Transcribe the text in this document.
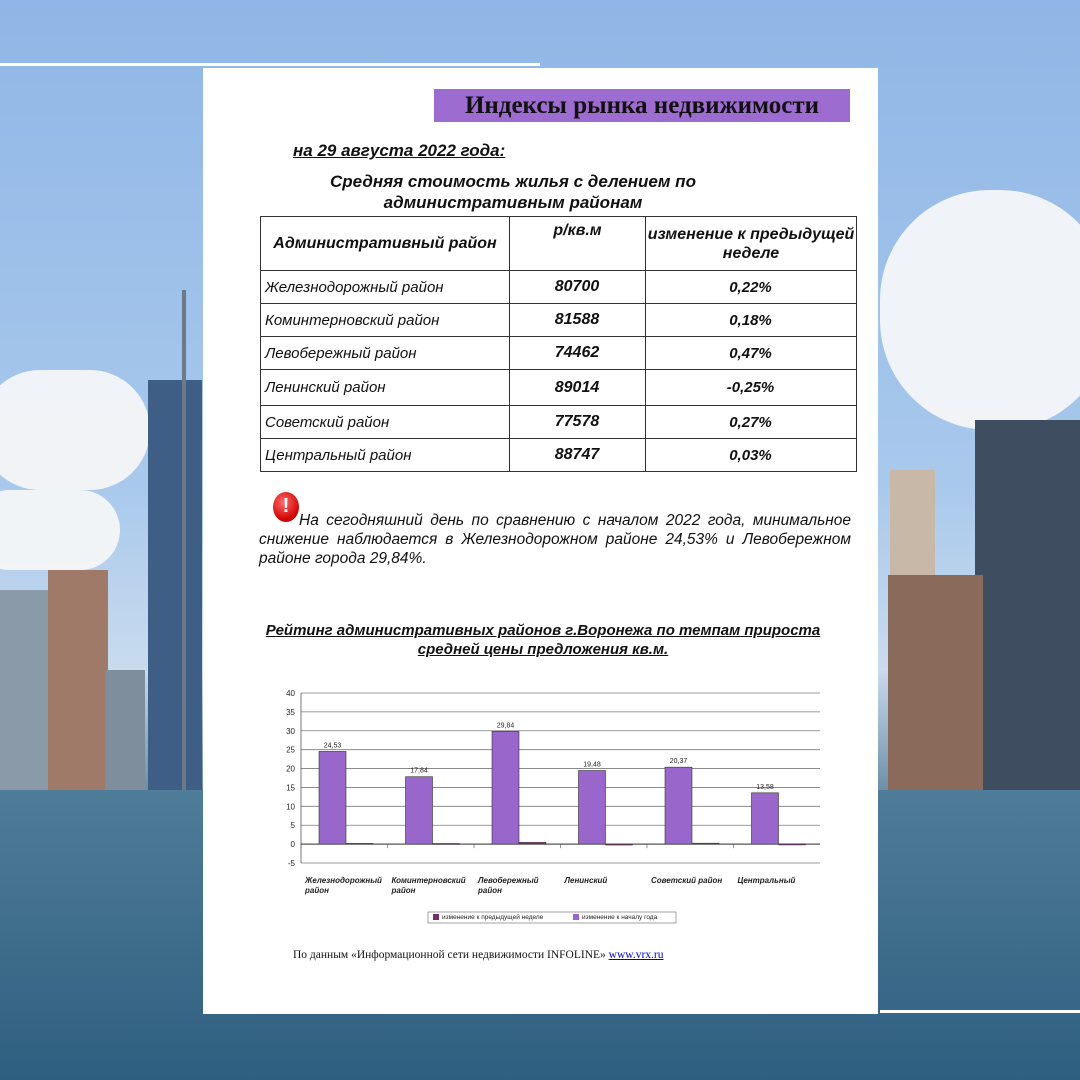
Индексы рынка недвижимости
на 29 августа 2022 года:
Средняя стоимость жилья с делением по административным районам
Административный район	р/кв.м	изменение к предыдущей неделе
Железнодорожный район	80700	0,22%
Коминтерновский район	81588	0,18%
Левобережный район	74462	0,47%
Ленинский район	89014	-0,25%
Советский район	77578	0,27%
Центральный район	88747	0,03%
!
На сегодняшний день по сравнению с началом 2022 года, минимальное снижение наблюдается в Железнодорожном районе 24,53% и Левобережном районе города 29,84%.
Рейтинг административных районов г.Воронежа по темпам прироста средней цены предложения кв.м.
-5
0
5
10
15
20
25
30
35
40
24,53
Железнодорожный
район
17,84
Коминтерновский
район
29,84
Левобережный
район
19,48
Ленинский
20,37
Советский район
13,58
Центральный
изменение к предыдущей неделе	изменение к началу года
По данным «Информационной сети недвижимости INFOLINE» www.vrx.ru
